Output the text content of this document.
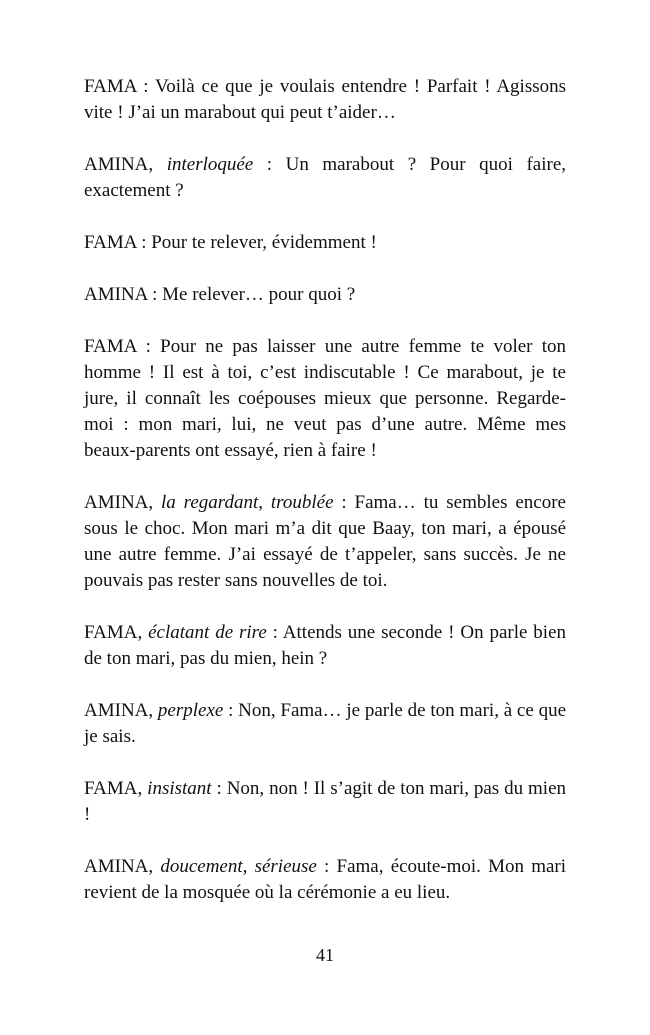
FAMA : Voilà ce que je voulais entendre ! Parfait ! Agissons vite ! J’ai un marabout qui peut t’aider…

AMINA, interloquée : Un marabout ? Pour quoi faire, exactement ?

FAMA : Pour te relever, évidemment !

AMINA : Me relever… pour quoi ?

FAMA : Pour ne pas laisser une autre femme te voler ton homme ! Il est à toi, c’est indiscutable ! Ce marabout, je te jure, il connaît les coépouses mieux que personne. Regarde-moi : mon mari, lui, ne veut pas d’une autre. Même mes beaux-parents ont essayé, rien à faire !

AMINA, la regardant, troublée : Fama… tu sembles encore sous le choc. Mon mari m’a dit que Baay, ton mari, a épousé une autre femme. J’ai essayé de t’appeler, sans succès. Je ne pouvais pas rester sans nouvelles de toi.

FAMA, éclatant de rire : Attends une seconde ! On parle bien de ton mari, pas du mien, hein ?

AMINA, perplexe : Non, Fama… je parle de ton mari, à ce que je sais.

FAMA, insistant : Non, non ! Il s’agit de ton mari, pas du mien !

AMINA, doucement, sérieuse : Fama, écoute-moi. Mon mari revient de la mosquée où la cérémonie a eu lieu.

41
